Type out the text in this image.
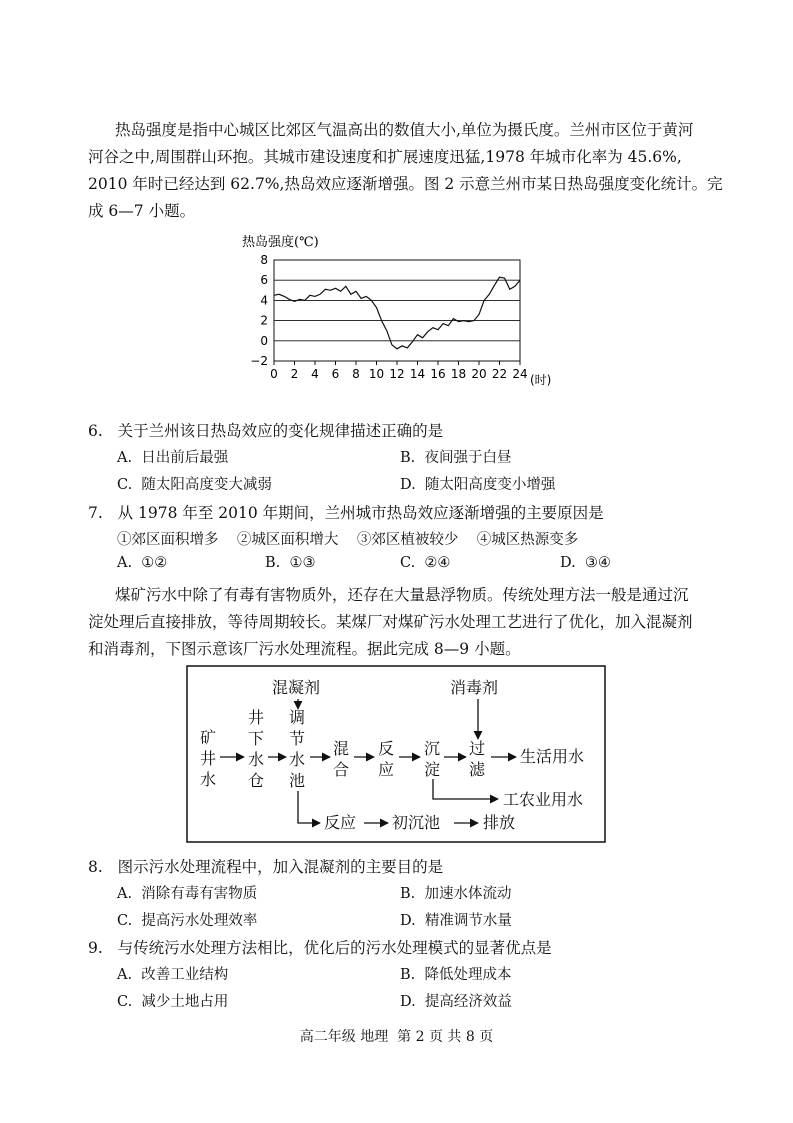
热岛强度是指中心城区比郊区气温高出的数值大小,单位为摄氏度。兰州市区位于黄河
河谷之中,周围群山环抱。其城市建设速度和扩展速度迅猛,1978 年城市化率为 45.6%,
2010 年时已经达到 62.7%,热岛效应逐渐增强。图 2 示意兰州市某日热岛强度变化统计。完
成 6—7 小题。
热岛强度(℃)
8
6
4
2
0
−2
0 2 4 6 8 10 12 14 16 18 20 22 24 (时)
6.   关于兰州该日热岛效应的变化规律描述正确的是
A.  日出前后最强	B.  夜间强于白昼
C.  随太阳高度变大减弱	D.  随太阳高度变小增强
7.   从 1978 年至 2010 年期间，兰州城市热岛效应逐渐增强的主要原因是
①郊区面积增多    ②城区面积增大    ③郊区植被较少    ④城区热源变多
A.  ①②	B.  ①③	C.  ②④	D.  ③④
煤矿污水中除了有毒有害物质外，还存在大量悬浮物质。传统处理方法一般是通过沉
淀处理后直接排放，等待周期较长。某煤厂对煤矿污水处理工艺进行了优化，加入混凝剂
和消毒剂，下图示意该厂污水处理流程。据此完成 8—9 小题。
混凝剂	消毒剂
矿
井
水
井
下
水
仓
调
节
水
池
混
合
反
应
沉
淀
过
滤
生活用水
工农业用水
反应 初沉池	排放
8.   图示污水处理流程中，加入混凝剂的主要目的是
A.  消除有毒有害物质	B.  加速水体流动
C.  提高污水处理效率	D.  精准调节水量
9.   与传统污水处理方法相比，优化后的污水处理模式的显著优点是
A.  改善工业结构	B.  降低处理成本
C.  减少土地占用	D.  提高经济效益
高二年级 地理  第 2 页 共 8 页
